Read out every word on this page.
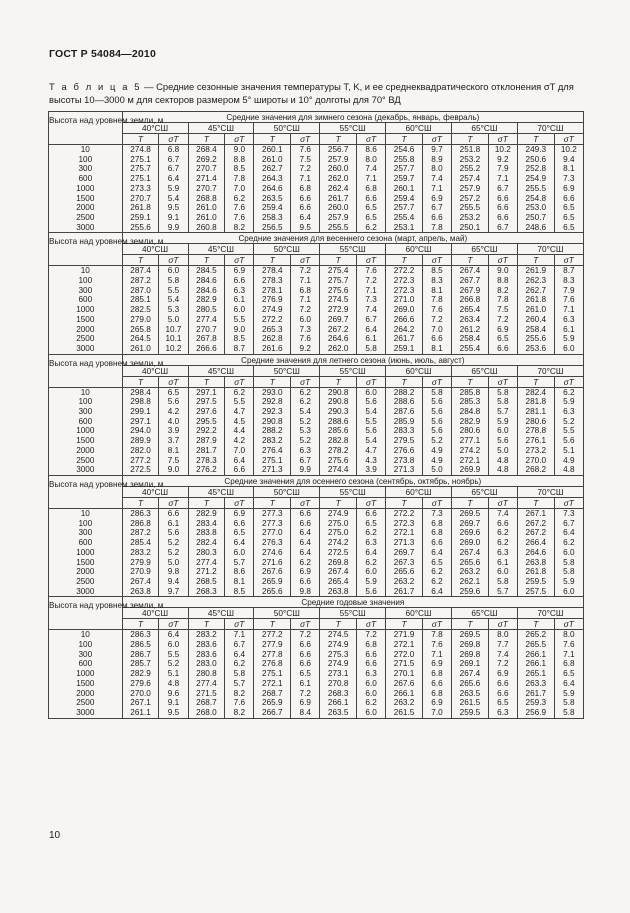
ГОСТ Р 54084—2010
Т а б л и ц а 5 — Средние сезонные значения температуры T, K, и ее среднеквадратического отклонения σT для высоты 10—3000 м для секторов размером 5° широты и 10° долготы для 70° ВД
Высота над уровнем земли, м	Средние значения для зимнего сезона (декабрь, январь, февраль)													
	40°СШ		45°СШ		50°СШ		55°СШ		60°СШ		65°СШ		70°СШ	
	T	σT	T	σT	T	σT	T	σT	T	σT	T	σT	T	σT
10	274.8	6.8	268.4	9.0	260.1	7.6	256.7	8.6	254.6	9.7	251.8	10.2	249.3	10.2
100	275.1	6.7	269.2	8.8	261.0	7.5	257.9	8.0	255.8	8.9	253.2	9.2	250.6	9.4
300	275.7	6.7	270.7	8.5	262.7	7.2	260.0	7.4	257.7	8.0	255.2	7.9	252.8	8.1
600	275.1	6.4	271.4	7.8	264.3	7.1	262.0	7.1	259.7	7.4	257.4	7.1	254.9	7.3
1000	273.3	5.9	270.7	7.0	264.6	6.8	262.4	6.8	260.1	7.1	257.9	6.7	255.5	6.9
1500	270.7	5.4	268.8	6.2	263.5	6.6	261.7	6.6	259.4	6.9	257.2	6.6	254.8	6.6
2000	261.8	9.5	261.0	7.6	259.4	6.6	260.0	6.5	257.7	6.7	255.5	6.6	253.0	6.5
2500	259.1	9.1	261.0	7.6	258.3	6.4	257.9	6.5	255.4	6.6	253.2	6.6	250.7	6.5
3000	255.6	9.9	260.8	8.2	256.5	9.5	255.5	6.2	253.1	7.8	250.1	6.7	248.6	6.5
Высота над уровнем земли, м	Средние значения для весеннего сезона (март, апрель, май)													
	40°СШ		45°СШ		50°СШ		55°СШ		60°СШ		65°СШ		70°СШ	
	T	σT	T	σT	T	σT	T	σT	T	σT	T	σT	T	σT
10	287.4	6.0	284.5	6.9	278.4	7.2	275.4	7.6	272.2	8.5	267.4	9.0	261.9	8.7
100	287.2	5.8	284.6	6.6	278.3	7.1	275.7	7.2	272.3	8.3	267.7	8.8	262.3	8.3
300	287.0	5.5	284.6	6.3	278.1	6.8	275.6	7.1	272.3	8.1	267.9	8.2	262.7	7.9
600	285.1	5.4	282.9	6.1	276.9	7.1	274.5	7.3	271.0	7.8	266.8	7.8	261.8	7.6
1000	282.5	5.3	280.5	6.0	274.9	7.2	272.9	7.4	269.0	7.6	265.4	7.5	261.0	7.1
1500	279.0	5.0	277.4	5.5	272.2	6.0	269.7	6.7	266.6	7.2	263.4	7.2	260.4	6.3
2000	265.8	10.7	270.7	9.0	265.3	7.3	267.2	6.4	264.2	7.0	261.2	6.9	258.4	6.1
2500	264.5	10.1	267.8	8.5	262.8	7.6	264.6	6.1	261.7	6.6	258.4	6.5	255.6	5.9
3000	261.0	10.2	266.6	8.7	261.6	9.2	262.0	5.8	259.1	8.1	255.4	6.6	253.6	6.0
Высота над уровнем земли, м	Средние значения для летнего сезона (июнь, июль, август)													
	40°СШ		45°СШ		50°СШ		55°СШ		60°СШ		65°СШ		70°СШ	
	T	σT	T	σT	T	σT	T	σT	T	σT	T	σT	T	σT
10	298.4	6.5	297.1	6.2	293.0	6.2	290.8	6.0	288.2	5.8	285.8	5.8	282.4	6.2
100	298.8	5.6	297.5	5.5	292.8	6.2	290.8	5.6	288.6	5.6	285.3	5.8	281.8	5.9
300	299.1	4.2	297.6	4.7	292.3	5.4	290.3	5.4	287.6	5.6	284.8	5.7	281.1	6.3
600	297.1	4.0	295.5	4.5	290.8	5.2	288.6	5.5	285.9	5.6	282.9	5.9	280.6	5.2
1000	294.0	3.9	292.2	4.4	288.2	5.3	285.6	5.6	283.3	5.6	280.6	6.0	278.8	5.5
1500	289.9	3.7	287.9	4.2	283.2	5.2	282.8	5.4	279.5	5.2	277.1	5.6	276.1	5.6
2000	282.0	8.1	281.7	7.0	276.4	6.3	278.2	4.7	276.6	4.9	274.2	5.0	273.2	5.1
2500	277.2	7.5	278.3	6.4	275.1	6.7	275.6	4.3	273.8	4.9	272.1	4.8	270.0	4.9
3000	272.5	9.0	276.2	6.6	271.3	9.9	274.4	3.9	271.3	5.0	269.9	4.8	268.2	4.8
Высота над уровнем земли, м	Средние значения для осеннего сезона (сентябрь, октябрь, ноябрь)													
	40°СШ		45°СШ		50°СШ		55°СШ		60°СШ		65°СШ		70°СШ	
	T	σT	T	σT	T	σT	T	σT	T	σT	T	σT	T	σT
10	286.3	6.6	282.9	6.9	277.3	6.6	274.9	6.6	272.2	7.3	269.5	7.4	267.1	7.3
100	286.8	6.1	283.4	6.6	277.3	6.6	275.0	6.5	272.3	6.8	269.7	6.6	267.2	6.7
300	287.2	5.6	283.8	6.5	277.0	6.4	275.0	6.2	272.1	6.8	269.6	6.2	267.2	6.4
600	285.4	5.2	282.4	6.4	276.3	6.4	274.2	6.3	271.3	6.6	269.0	6.2	266.4	6.2
1000	283.2	5.2	280.3	6.0	274.6	6.4	272.5	6.4	269.7	6.4	267.4	6.3	264.6	6.0
1500	279.9	5.0	277.4	5.7	271.6	6.2	269.8	6.2	267.3	6.5	265.6	6.1	263.8	5.8
2000	270.9	9.8	271.2	8.6	267.6	6.9	267.4	6.0	265.6	6.2	263.2	6.0	261.8	5.8
2500	267.4	9.4	268.5	8.1	265.9	6.6	265.4	5.9	263.2	6.2	262.1	5.8	259.5	5.9
3000	263.8	9.7	268.3	8.5	265.6	9.8	263.8	5.6	261.7	6.4	259.6	5.7	257.5	6.0
Высота над уровнем земли, м	Средние годовые значения													
	40°СШ		45°СШ		50°СШ		55°СШ		60°СШ		65°СШ		70°СШ	
	T	σT	T	σT	T	σT	T	σT	T	σT	T	σT	T	σT
10	286.3	6.4	283.2	7.1	277.2	7.2	274.5	7.2	271.9	7.8	269.5	8.0	265.2	8.0
100	286.5	6.0	283.6	6.7	277.9	6.6	274.9	6.8	272.1	7.6	269.8	7.7	265.5	7.6
300	286.7	5.5	283.6	6.4	277.8	6.6	275.3	6.6	272.0	7.1	269.8	7.4	266.1	7.1
600	285.7	5.2	283.0	6.2	276.8	6.6	274.9	6.6	271.5	6.9	269.1	7.2	266.1	6.8
1000	282.9	5.1	280.8	5.8	275.1	6.5	273.1	6.3	270.1	6.8	267.4	6.9	265.1	6.5
1500	279.6	4.8	277.4	5.7	272.1	6.1	270.8	6.0	267.6	6.6	265.6	6.6	263.3	6.4
2000	270.0	9.6	271.5	8.2	268.7	7.2	268.3	6.0	266.1	6.8	263.5	6.6	261.7	5.9
2500	267.1	9.1	268.7	7.6	265.9	6.9	266.1	6.2	263.2	6.9	261.5	6.5	259.3	5.8
3000	261.1	9.5	268.0	8.2	266.7	8.4	263.5	6.0	261.5	7.0	259.5	6.3	256.9	5.8
10
